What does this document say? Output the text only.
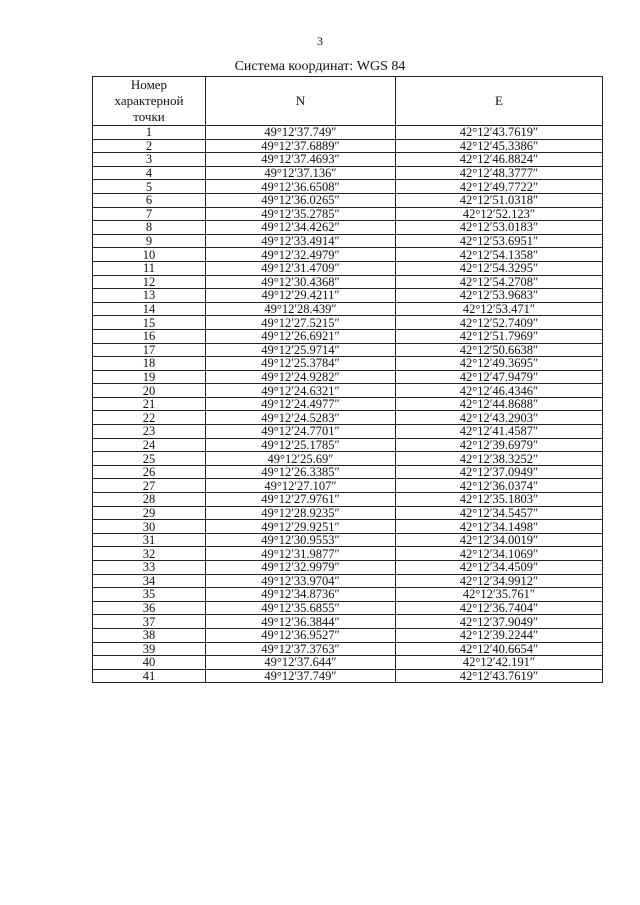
3
Система координат: WGS 84
Номер
характерной
точки	N	E
1	49°12′37.749″	42°12′43.7619″
2	49°12′37.6889″	42°12′45.3386″
3	49°12′37.4693″	42°12′46.8824″
4	49°12′37.136″	42°12′48.3777″
5	49°12′36.6508″	42°12′49.7722″
6	49°12′36.0265″	42°12′51.0318″
7	49°12′35.2785″	42°12′52.123″
8	49°12′34.4262″	42°12′53.0183″
9	49°12′33.4914″	42°12′53.6951″
10	49°12′32.4979″	42°12′54.1358″
11	49°12′31.4709″	42°12′54.3295″
12	49°12′30.4368″	42°12′54.2708″
13	49°12′29.4211″	42°12′53.9683″
14	49°12′28.439″	42°12′53.471″
15	49°12′27.5215″	42°12′52.7409″
16	49°12′26.6921″	42°12′51.7969″
17	49°12′25.9714″	42°12′50.6638″
18	49°12′25.3784″	42°12′49.3695″
19	49°12′24.9282″	42°12′47.9479″
20	49°12′24.6321″	42°12′46.4346″
21	49°12′24.4977″	42°12′44.8688″
22	49°12′24.5283″	42°12′43.2903″
23	49°12′24.7701″	42°12′41.4587″
24	49°12′25.1785″	42°12′39.6979″
25	49°12′25.69″	42°12′38.3252″
26	49°12′26.3385″	42°12′37.0949″
27	49°12′27.107″	42°12′36.0374″
28	49°12′27.9761″	42°12′35.1803″
29	49°12′28.9235″	42°12′34.5457″
30	49°12′29.9251″	42°12′34.1498″
31	49°12′30.9553″	42°12′34.0019″
32	49°12′31.9877″	42°12′34.1069″
33	49°12′32.9979″	42°12′34.4509″
34	49°12′33.9704″	42°12′34.9912″
35	49°12′34.8736″	42°12′35.761″
36	49°12′35.6855″	42°12′36.7404″
37	49°12′36.3844″	42°12′37.9049″
38	49°12′36.9527″	42°12′39.2244″
39	49°12′37.3763″	42°12′40.6654″
40	49°12′37.644″	42°12′42.191″
41	49°12′37.749″	42°12′43.7619″
